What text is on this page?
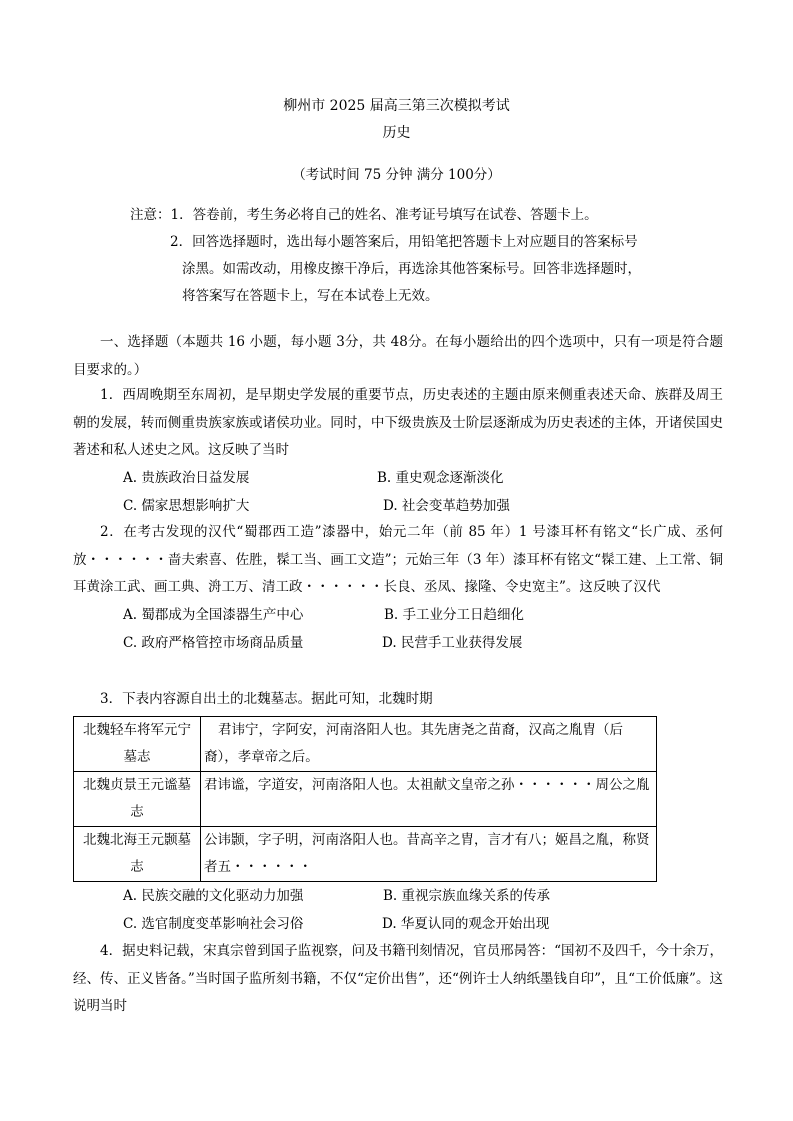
柳州市 2025 届高三第三次模拟考试
历史
（考试时间 75 分钟 满分 100分）
注意：1．答卷前，考生务必将自己的姓名、准考证号填写在试卷、答题卡上。
2．回答选择题时，选出每小题答案后，用铅笔把答题卡上对应题目的答案标号
涂黑。如需改动，用橡皮擦干净后，再选涂其他答案标号。回答非选择题时，
将答案写在答题卡上，写在本试卷上无效。

一、选择题（本题共 16 小题，每小题 3分，共 48分。在每小题给出的四个选项中，只有一项是符合题目要求的。）

1．西周晚期至东周初，是早期史学发展的重要节点，历史表述的主题由原来侧重表述天命、族群及周王朝的发展，转而侧重贵族家族或诸侯功业。同时，中下级贵族及士阶层逐渐成为历史表述的主体，开诸侯国史著述和私人述史之风。这反映了当时

A. 贵族政治日益发展	B. 重史观念逐渐淡化
C. 儒家思想影响扩大	D. 社会变革趋势加强

2．在考古发现的汉代“蜀郡西工造”漆器中，始元二年（前 85 年）1 号漆耳杯有铭文“长广成、丞何放・・・・・・啬夫索喜、佐胜，髹工当、画工文造”；元始三年（3 年）漆耳杯有铭文“髹工建、上工常、铜耳黄涂工武、画工典、洀工万、清工政・・・・・・长良、丞凤、掾隆、令史宽主”。这反映了汉代

A. 蜀郡成为全国漆器生产中心	B. 手工业分工日趋细化
C. 政府严格管控市场商品质量	D. 民营手工业获得发展

3．下表内容源自出土的北魏墓志。据此可知，北魏时期

北魏轻车将军元宁墓志	君讳宁，字阿安，河南洛阳人也。其先唐尧之苗裔，汉高之胤胄（后裔），孝章帝之后。
北魏贞景王元谧墓志	君讳谧，字道安，河南洛阳人也。太祖献文皇帝之孙・・・・・・周公之胤
北魏北海王元颢墓志	公讳颢，字子明，河南洛阳人也。昔高辛之胄，言才有八；姬昌之胤，称贤者五・・・・・・
A. 民族交融的文化驱动力加强	B. 重视宗族血缘关系的传承
C. 选官制度变革影响社会习俗	D. 华夏认同的观念开始出现

4．据史料记载，宋真宗曾到国子监视察，问及书籍刊刻情况，官员邢昺答：“国初不及四千，今十余万，经、传、正义皆备。”当时国子监所刻书籍，不仅“定价出售”，还“例许士人纳纸墨钱自印”，且“工价低廉”。这说明当时
